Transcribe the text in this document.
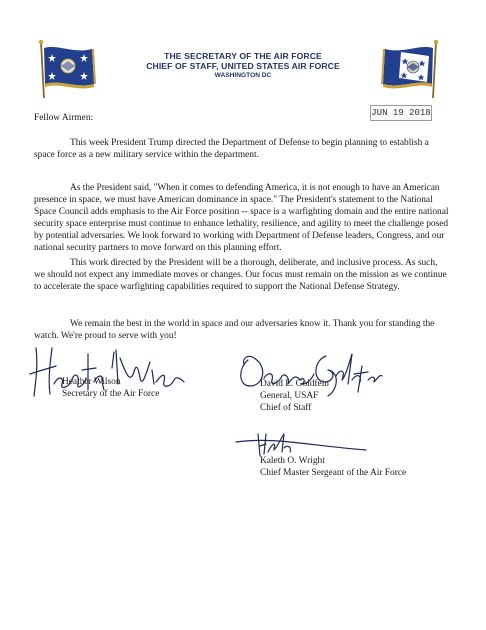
THE SECRETARY OF THE AIR FORCE
CHIEF OF STAFF, UNITED STATES AIR FORCE
WASHINGTON DC
JUN 19 2018
Fellow Airmen:

This week President Trump directed the Department of Defense to begin planning to establish a space force as a new military service within the department.

As the President said, "When it comes to defending America, it is not enough to have an American presence in space, we must have American dominance in space." The President's statement to the National Space Council adds emphasis to the Air Force position -- space is a warfighting domain and the entire national security space enterprise must continue to enhance lethality, resilience, and agility to meet the challenge posed by potential adversaries. We look forward to working with Department of Defense leaders, Congress, and our national security partners to move forward on this planning effort.

This work directed by the President will be a thorough, deliberate, and inclusive process. As such, we should not expect any immediate moves or changes. Our focus must remain on the mission as we continue to accelerate the space warfighting capabilities required to support the National Defense Strategy.

We remain the best in the world in space and our adversaries know it. Thank you for standing the watch. We're proud to serve with you!

Heather Wilson
Secretary of the Air Force
David L. Goldfein
General, USAF
Chief of Staff
Kaleth O. Wright
Chief Master Sergeant of the Air Force
